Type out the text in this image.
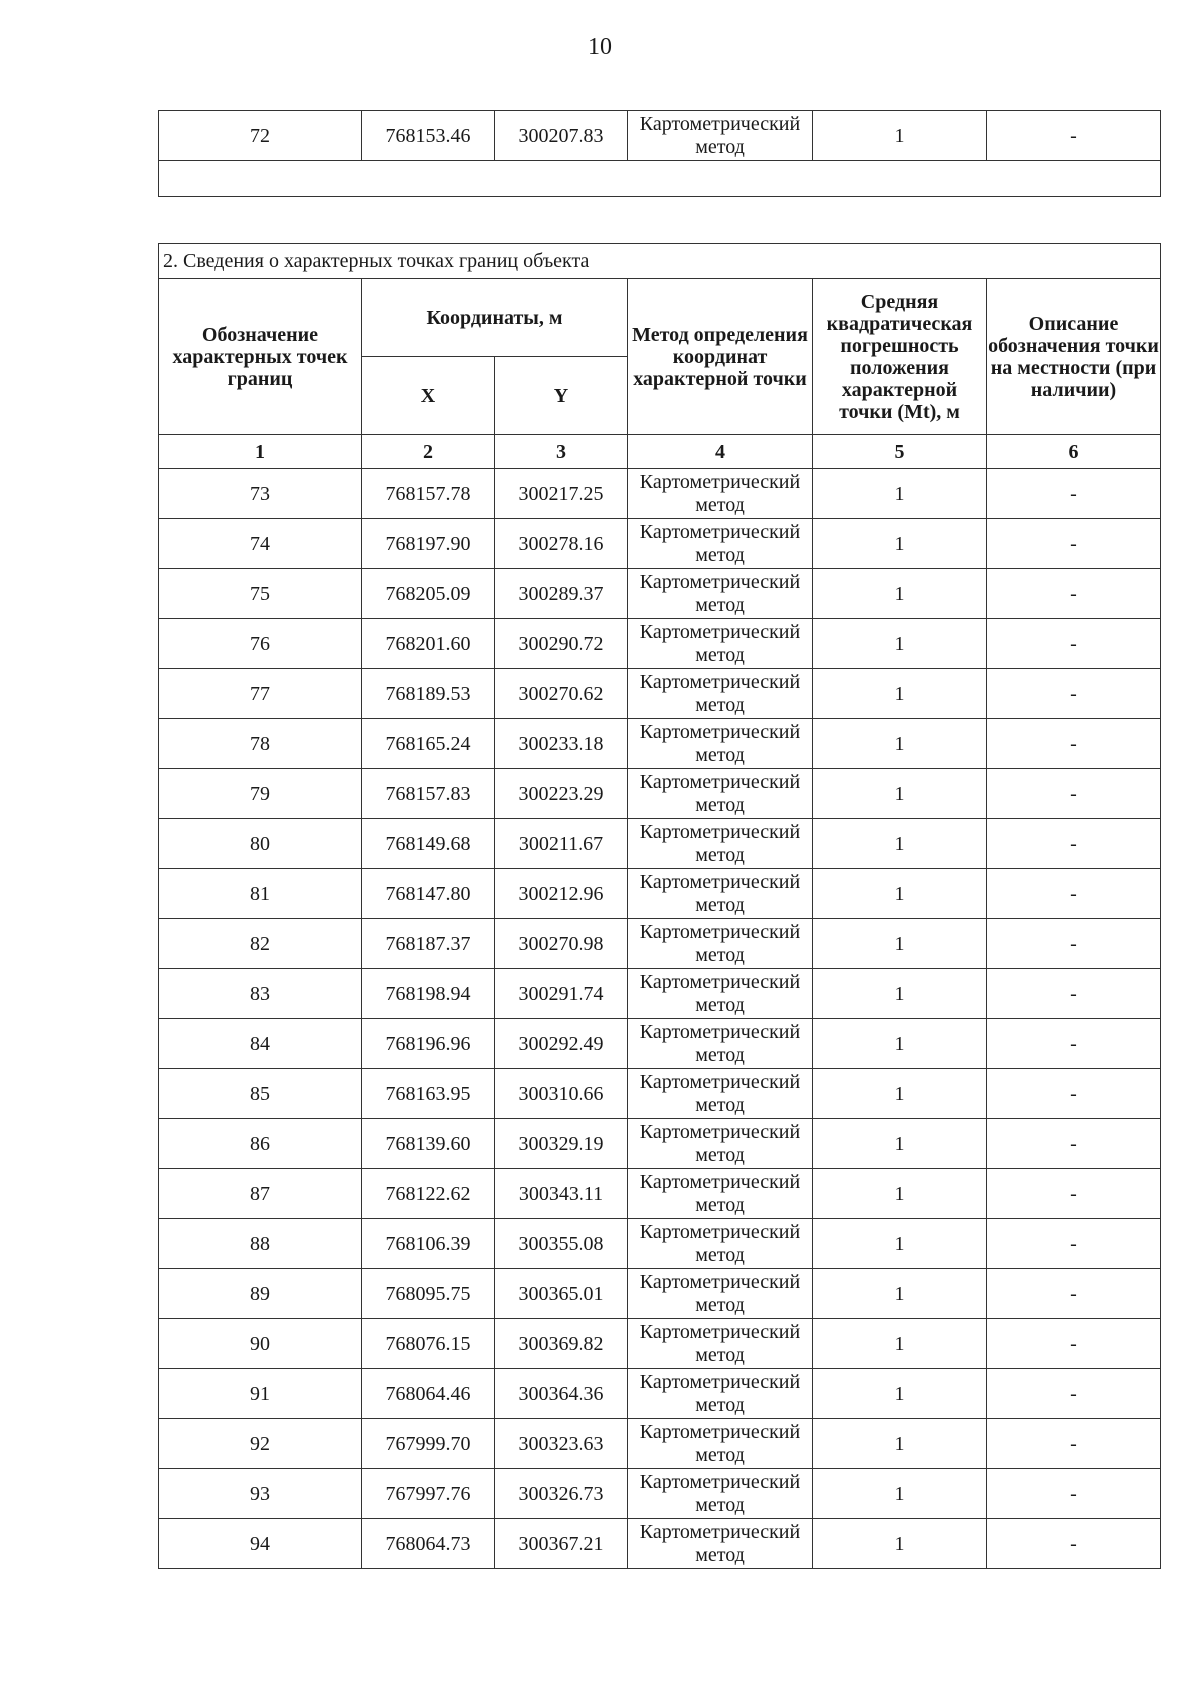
10
72	768153.46	300207.83	Картометрический метод	1	-

2. Сведения о характерных точках границ объекта					
Обозначение характерных точек границ	Координаты, м		Метод определения координат характерной точки	Средняя квадратическая погрешность положения характерной точки (Mt), м	Описание обозначения точки на местности (при наличии)
	X	Y			
1	2	3	4	5	6
73	768157.78	300217.25	Картометрический метод	1	-
74	768197.90	300278.16	Картометрический метод	1	-
75	768205.09	300289.37	Картометрический метод	1	-
76	768201.60	300290.72	Картометрический метод	1	-
77	768189.53	300270.62	Картометрический метод	1	-
78	768165.24	300233.18	Картометрический метод	1	-
79	768157.83	300223.29	Картометрический метод	1	-
80	768149.68	300211.67	Картометрический метод	1	-
81	768147.80	300212.96	Картометрический метод	1	-
82	768187.37	300270.98	Картометрический метод	1	-
83	768198.94	300291.74	Картометрический метод	1	-
84	768196.96	300292.49	Картометрический метод	1	-
85	768163.95	300310.66	Картометрический метод	1	-
86	768139.60	300329.19	Картометрический метод	1	-
87	768122.62	300343.11	Картометрический метод	1	-
88	768106.39	300355.08	Картометрический метод	1	-
89	768095.75	300365.01	Картометрический метод	1	-
90	768076.15	300369.82	Картометрический метод	1	-
91	768064.46	300364.36	Картометрический метод	1	-
92	767999.70	300323.63	Картометрический метод	1	-
93	767997.76	300326.73	Картометрический метод	1	-
94	768064.73	300367.21	Картометрический метод	1	-
